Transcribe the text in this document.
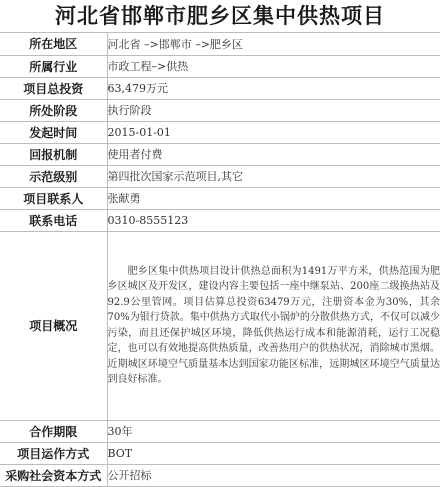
河北省邯郸市肥乡区集中供热项目
所在地区	河北省 –>邯郸市 –>肥乡区
所属行业	市政工程–>供热
项目总投资	63,479万元
所处阶段	执行阶段
发起时间	2015-01-01
回报机制	使用者付费
示范级别	第四批次国家示范项目,其它
项目联系人	张献勇
联系电话	0310-8555123
项目概况	肥乡区集中供热项目设计供热总面积为1491万平方米，供热范围为肥乡区城区及开发区，建设内容主要包括一座中继泵站、200座二级换热站及92.9公里管网。项目估算总投资63479万元，注册资本金为30%，其余70%为银行贷款。集中供热方式取代小锅炉的分散供热方式，不仅可以减少污染，而且还保护城区环境，降低供热运行成本和能源消耗，运行工况稳定，也可以有效地提高供热质量，改善热用户的供热状况，消除城市黑烟。近期城区环境空气质量基本达到国家功能区标准，远期城区环境空气质量达到良好标准。
合作期限	30年
项目运作方式	BOT
采购社会资本方式	公开招标
